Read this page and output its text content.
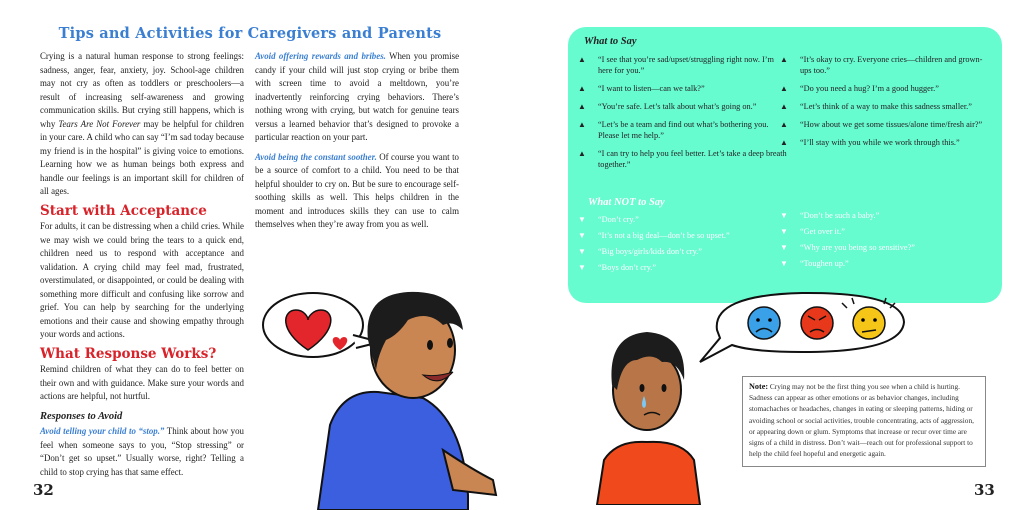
Tips and Activities for Caregivers and Parents

Crying is a natural human response to strong feelings: sadness, anger, fear, anxiety, joy. School-age children may not cry as often as toddlers or preschoolers—a result of increasing self-awareness and growing communication skills. But crying still happens, which is why Tears Are Not Forever may be helpful for children in your care. A child who can say “I’m sad today because my friend is in the hospital” is giving voice to emotions. Learning how we as human beings both express and handle our feelings is an important skill for children of all ages.

Start with Acceptance

For adults, it can be distressing when a child cries. While we may wish we could bring the tears to a quick end, children need us to respond with acceptance and validation. A crying child may feel mad, frustrated, overstimulated, or disappointed, or could be dealing with something more difficult and confusing like sorrow and grief. You can help by searching for the underlying emotions and their cause and showing empathy through your words and actions.

What Response Works?

Remind children of what they can do to feel better on their own and with guidance. Make sure your words and actions are helpful, not hurtful.

Responses to Avoid

Avoid telling your child to “stop.” Think about how you feel when someone says to you, “Stop stressing” or “Don’t get so upset.” Usually worse, right? Telling a child to stop crying has that same effect.

Avoid offering rewards and bribes. When you promise candy if your child will just stop crying or bribe them with screen time to avoid a meltdown, you’re inadvertently reinforcing crying behaviors. There’s nothing wrong with crying, but watch for genuine tears versus a learned behavior that’s designed to provoke a particular reaction on your part.

Avoid being the constant soother. Of course you want to be a source of comfort to a child. You need to be that helpful shoulder to cry on. But be sure to encourage self-soothing skills as well. This helps children in the moment and introduces skills they can use to calm themselves when they’re away from you as well.

32
What to Say
▲ “I see that you’re sad/upset/struggling right now. I’m here for you.”
▲ “I want to listen—can we talk?”
▲ “You’re safe. Let’s talk about what’s going on.”
▲ “Let’s be a team and find out what’s bothering you. Please let me help.”
▲ “I can try to help you feel better. Let’s take a deep breath together.”
▲ “It’s okay to cry. Everyone cries—children and grown-ups too.”
▲ “Do you need a hug? I’m a good hugger.”
▲ “Let’s think of a way to make this sadness smaller.”
▲ “How about we get some tissues/alone time/fresh air?”
▲ “I’ll stay with you while we work through this.”
What NOT to Say
▼ “Don’t cry.”
▼ “It’s not a big deal—don’t be so upset.”
▼ “Big boys/girls/kids don’t cry.”
▼ “Boys don’t cry.”
▼ “Don’t be such a baby.”
▼ “Get over it.”
▼ “Why are you being so sensitive?”
▼ “Toughen up.”
Note: Crying may not be the first thing you see when a child is hurting. Sadness can appear as other emotions or as behavior changes, including stomachaches or headaches, changes in eating or sleeping patterns, hiding or avoiding school or social activities, trouble concentrating, acts of aggression, or appearing down or glum. Symptoms that increase or recur over time are signs of a child in distress. Don’t wait—reach out for professional support to help the child feel hopeful and energetic again.
33
